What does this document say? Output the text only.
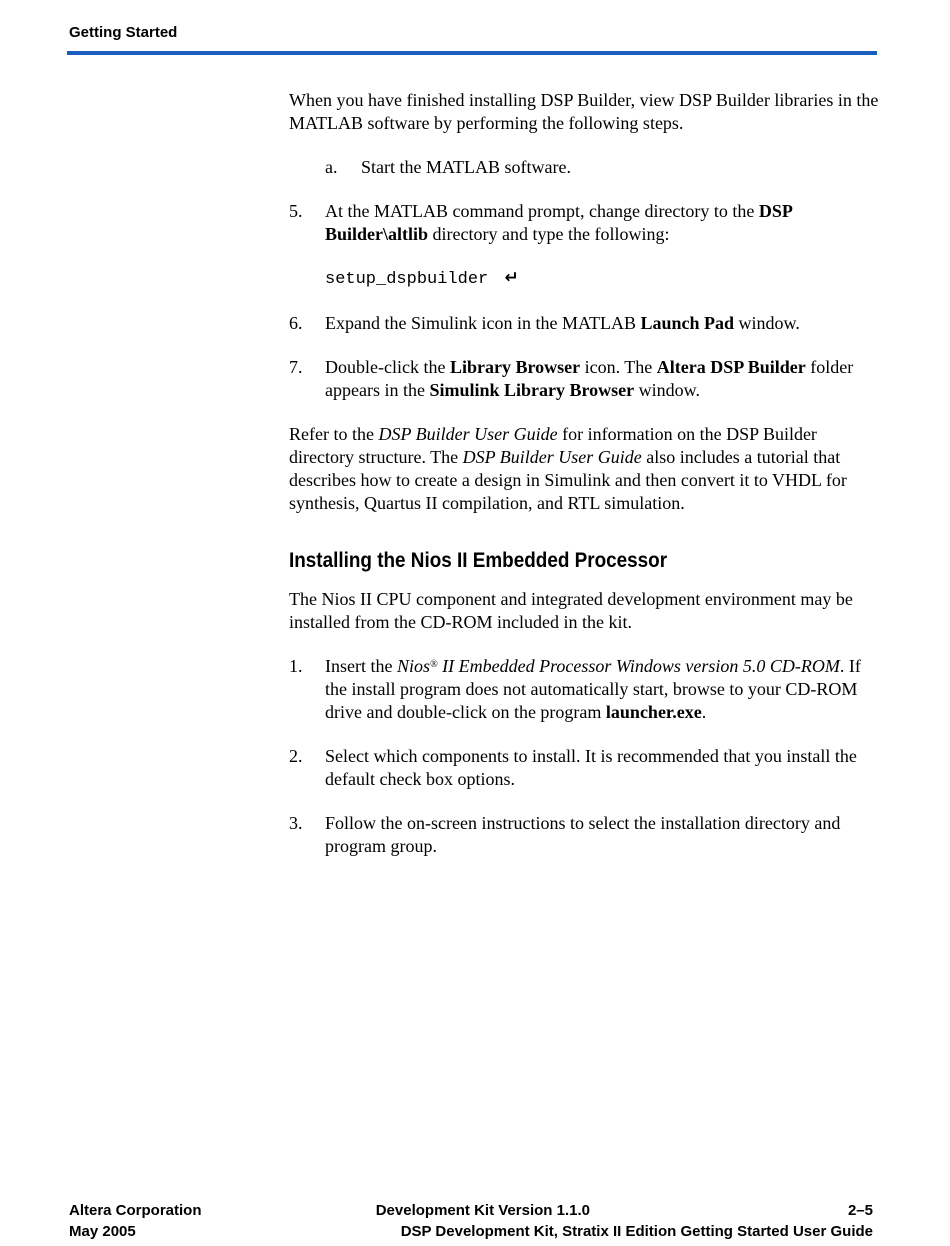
Getting Started

When you have finished installing DSP Builder, view DSP Builder libraries in the MATLAB software by performing the following steps.

a.	Start the MATLAB software.
5.	At the MATLAB command prompt, change directory to the DSP Builder\altlib directory and type the following:
setup_dspbuilder ↵
6.	Expand the Simulink icon in the MATLAB Launch Pad window.
7.	Double-click the Library Browser icon. The Altera DSP Builder folder appears in the Simulink Library Browser window.

Refer to the DSP Builder User Guide for information on the DSP Builder directory structure. The DSP Builder User Guide also includes a tutorial that describes how to create a design in Simulink and then convert it to VHDL for synthesis, Quartus II compilation, and RTL simulation.

Installing the Nios II Embedded Processor

The Nios II CPU component and integrated development environment may be installed from the CD-ROM included in the kit.

1.	Insert the Nios® II Embedded Processor Windows version 5.0 CD-ROM. If the install program does not automatically start, browse to your CD-ROM drive and double-click on the program launcher.exe.
2.	Select which components to install. It is recommended that you install the default check box options.
3.	Follow the on-screen instructions to select the installation directory and program group.
Altera Corporation
May 2005
Development Kit Version 1.1.0	2–5
DSP Development Kit, Stratix II Edition Getting Started User Guide
